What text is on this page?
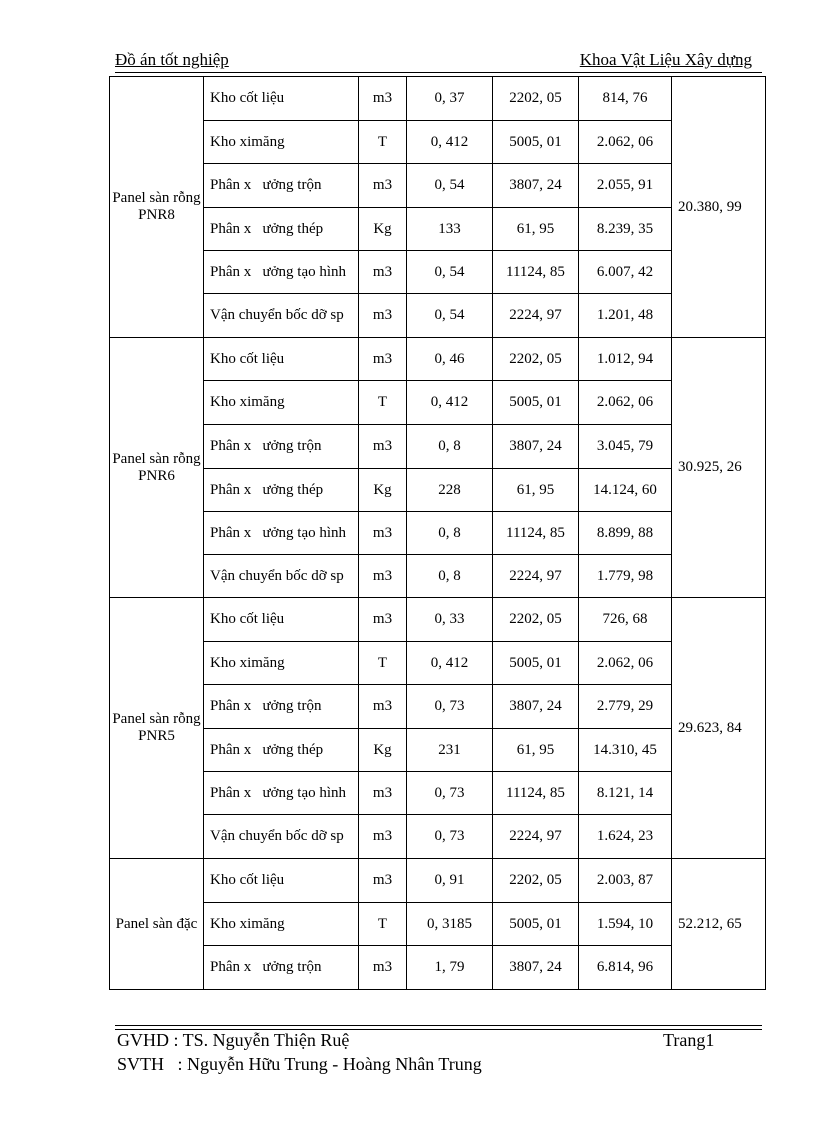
Đồ án tốt nghiệp	Khoa Vật Liệu Xây dựng
Panel sàn rỗng PNR8	Kho cốt liệu	m3	0, 37	2202, 05	814, 76	20.380, 99
	Kho ximăng	T	0, 412	5005, 01	2.062, 06	
	Phân x   ưởng trộn	m3	0, 54	3807, 24	2.055, 91	
	Phân x   ưởng thép	Kg	133	61, 95	8.239, 35	
	Phân x   ưởng tạo hình	m3	0, 54	11124, 85	6.007, 42	
	Vận chuyển bốc dỡ sp	m3	0, 54	2224, 97	1.201, 48	
Panel sàn rỗng PNR6	Kho cốt liệu	m3	0, 46	2202, 05	1.012, 94	30.925, 26
	Kho ximăng	T	0, 412	5005, 01	2.062, 06	
	Phân x   ưởng trộn	m3	0, 8	3807, 24	3.045, 79	
	Phân x   ưởng thép	Kg	228	61, 95	14.124, 60	
	Phân x   ưởng tạo hình	m3	0, 8	11124, 85	8.899, 88	
	Vận chuyển bốc dỡ sp	m3	0, 8	2224, 97	1.779, 98	
Panel sàn rỗng PNR5	Kho cốt liệu	m3	0, 33	2202, 05	726, 68	29.623, 84
	Kho ximăng	T	0, 412	5005, 01	2.062, 06	
	Phân x   ưởng trộn	m3	0, 73	3807, 24	2.779, 29	
	Phân x   ưởng thép	Kg	231	61, 95	14.310, 45	
	Phân x   ưởng tạo hình	m3	0, 73	11124, 85	8.121, 14	
	Vận chuyển bốc dỡ sp	m3	0, 73	2224, 97	1.624, 23	
Panel sàn đặc	Kho cốt liệu	m3	0, 91	2202, 05	2.003, 87	52.212, 65
	Kho ximăng	T	0, 3185	5005, 01	1.594, 10	
	Phân x   ưởng trộn	m3	1, 79	3807, 24	6.814, 96	
GVHD : TS. Nguyễn Thiện Ruệ
SVTH   : Nguyễn Hữu Trung - Hoàng Nhân Trung
Trang1
